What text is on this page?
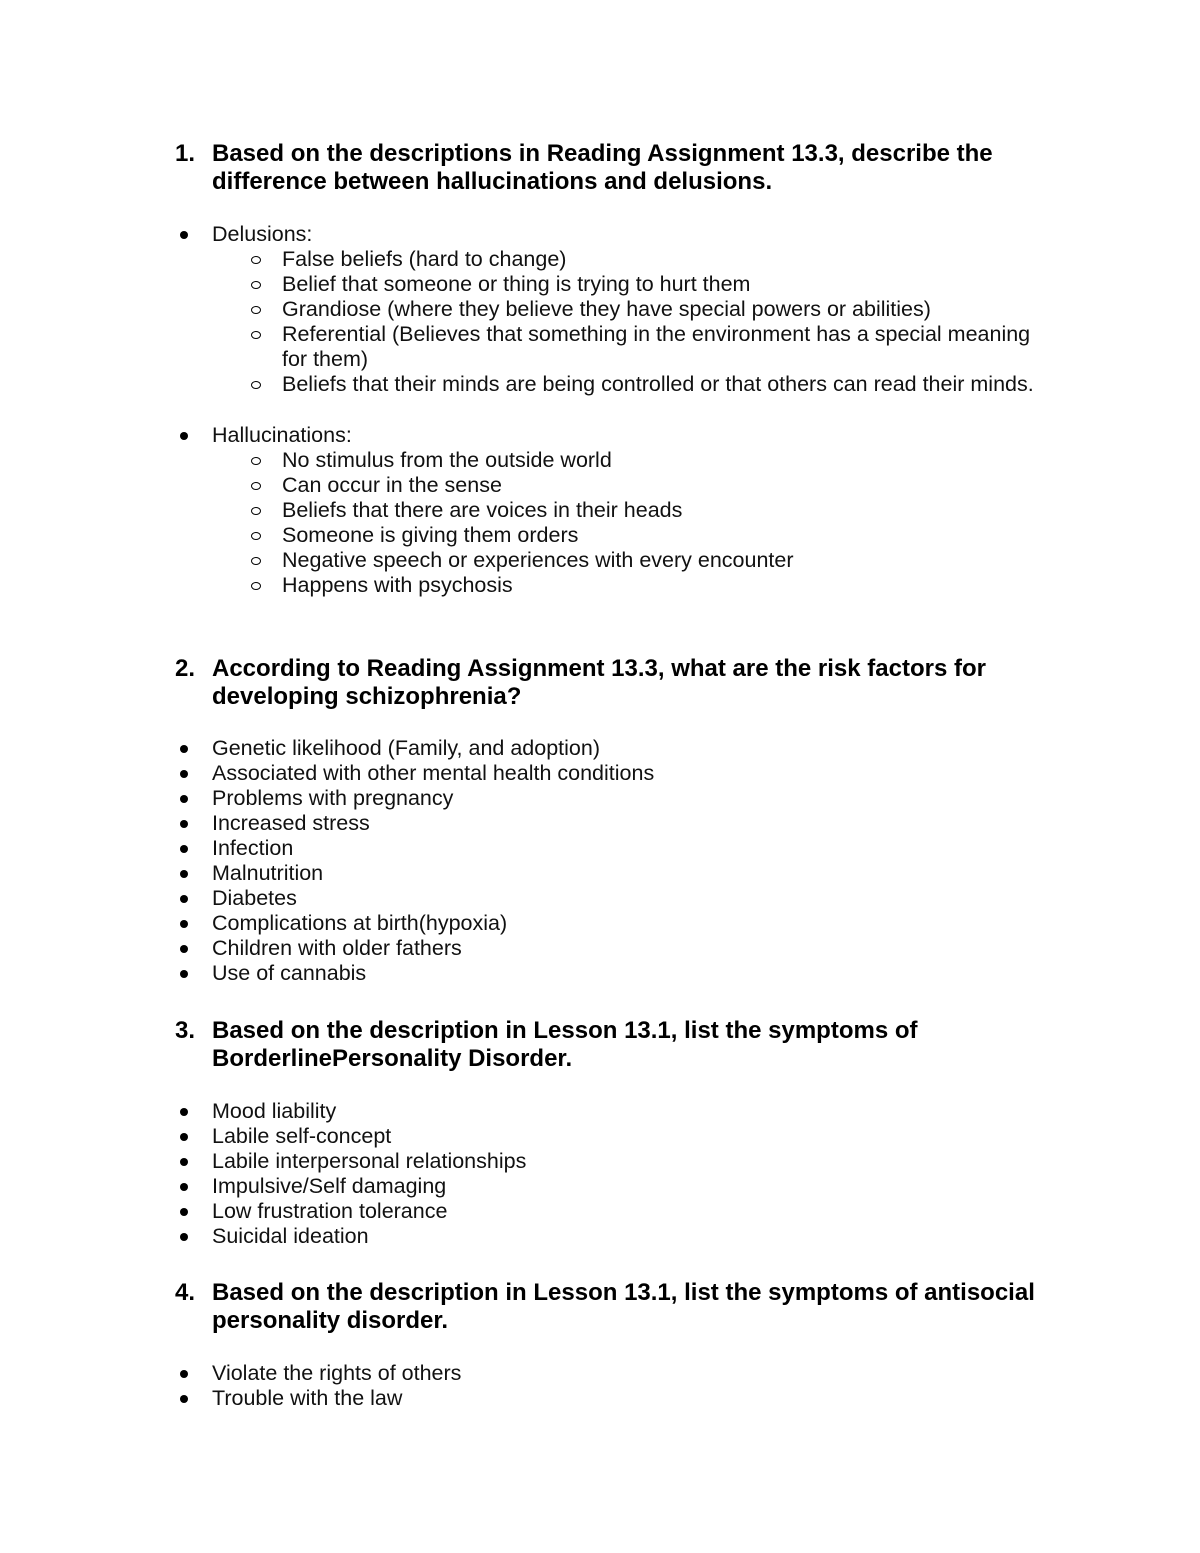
1. Based on the descriptions in Reading Assignment 13.3, describe the difference between hallucinations and delusions.
Delusions:
False beliefs (hard to change)
Belief that someone or thing is trying to hurt them
Grandiose (where they believe they have special powers or abilities)
Referential (Believes that something in the environment has a special meaning for them)
Beliefs that their minds are being controlled or that others can read their minds.
Hallucinations:
No stimulus from the outside world
Can occur in the sense
Beliefs that there are voices in their heads
Someone is giving them orders
Negative speech or experiences with every encounter
Happens with psychosis
2. According to Reading Assignment 13.3, what are the risk factors for developing schizophrenia?
Genetic likelihood (Family, and adoption)
Associated with other mental health conditions
Problems with pregnancy
Increased stress
Infection
Malnutrition
Diabetes
Complications at birth(hypoxia)
Children with older fathers
Use of cannabis
3. Based on the description in Lesson 13.1, list the symptoms of BorderlinePersonality Disorder.
Mood liability
Labile self-concept
Labile interpersonal relationships
Impulsive/Self damaging
Low frustration tolerance
Suicidal ideation
4. Based on the description in Lesson 13.1, list the symptoms of antisocial personality disorder.
Violate the rights of others
Trouble with the law
